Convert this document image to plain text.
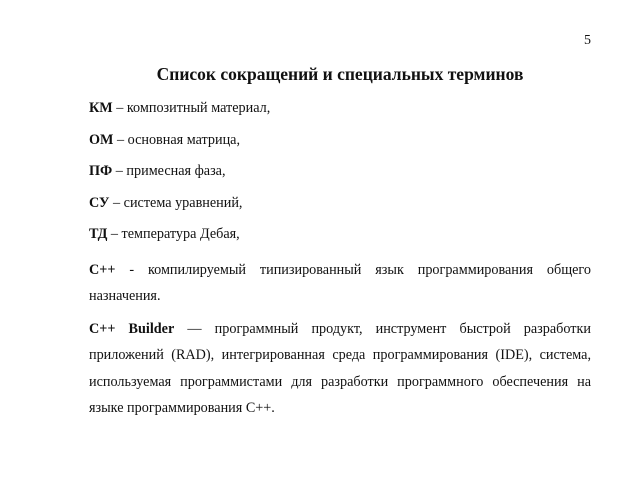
5
Список сокращений и специальных терминов

КМ – композитный материал,

ОМ – основная матрица,

ПФ – примесная фаза,

СУ – система уравнений,

ТД – температура Дебая,

С++ - компилируемый типизированный язык программирования общего назначения.

C++ Builder — программный продукт, инструмент быстрой разработки приложений (RAD), интегрированная среда программирования (IDE), система, используемая программистами для разработки программного обеспечения на языке программирования C++.
